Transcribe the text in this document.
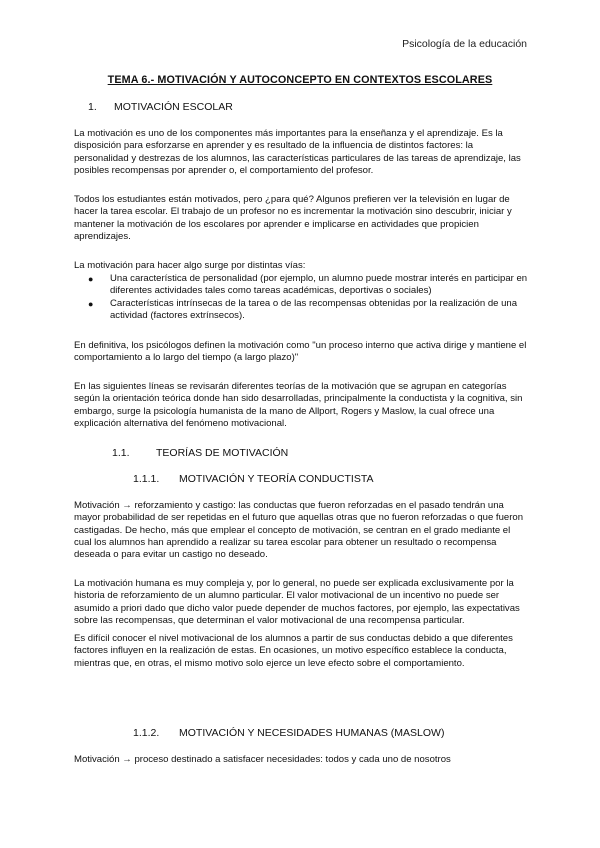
Psicología de la educación
TEMA 6.- MOTIVACIÓN Y AUTOCONCEPTO EN CONTEXTOS ESCOLARES
1. MOTIVACIÓN ESCOLAR

La motivación es uno de los componentes más importantes para la enseñanza y el aprendizaje. Es la disposición para esforzarse en aprender y es resultado de la influencia de distintos factores: la personalidad y destrezas de los alumnos, las características particulares de las tareas de aprendizaje, las posibles recompensas por aprender o, el comportamiento del profesor.

Todos los estudiantes están motivados, pero ¿para qué? Algunos prefieren ver la televisión en lugar de hacer la tarea escolar. El trabajo de un profesor no es incrementar la motivación sino descubrir, iniciar y mantener la motivación de los escolares por aprender e implicarse en actividades que propicien aprendizajes.

La motivación para hacer algo surge por distintas vías:

● Una característica de personalidad (por ejemplo, un alumno puede mostrar interés en participar en diferentes actividades tales como tareas académicas, deportivas o sociales)
● Características intrínsecas de la tarea o de las recompensas obtenidas por la realización de una actividad (factores extrínsecos).

En definitiva, los psicólogos definen la motivación como "un proceso interno que activa dirige y mantiene el comportamiento a lo largo del tiempo (a largo plazo)"

En las siguientes líneas se revisarán diferentes teorías de la motivación que se agrupan en categorías según la orientación teórica donde han sido desarrolladas, principalmente la conductista y la cognitiva, sin embargo, surge la psicología humanista de la mano de Allport, Rogers y Maslow, la cual ofrece una explicación alternativa del fenómeno motivacional.

1.1.	TEORÍAS DE MOTIVACIÓN
1.1.1. MOTIVACIÓN Y TEORÍA CONDUCTISTA

Motivación → reforzamiento y castigo: las conductas que fueron reforzadas en el pasado tendrán una mayor probabilidad de ser repetidas en el futuro que aquellas otras que no fueron reforzadas o que fueron castigadas. De hecho, más que emplear el concepto de motivación, se centran en el grado mediante el cual los alumnos han aprendido a realizar su tarea escolar para obtener un resultado o recompensa deseada o para evitar un castigo no deseado.

La motivación humana es muy compleja y, por lo general, no puede ser explicada exclusivamente por la historia de reforzamiento de un alumno particular. El valor motivacional de un incentivo no puede ser asumido a priori dado que dicho valor puede depender de muchos factores, por ejemplo, las expectativas sobre las recompensas, que determinan el valor motivacional de una recompensa particular.

Es difícil conocer el nivel motivacional de los alumnos a partir de sus conductas debido a que diferentes factores influyen en la realización de estas. En ocasiones, un motivo específico establece la conducta, mientras que, en otras, el mismo motivo solo ejerce un leve efecto sobre el comportamiento.

1.1.2. MOTIVACIÓN Y NECESIDADES HUMANAS (MASLOW)

Motivación → proceso destinado a satisfacer necesidades: todos y cada uno de nosotros
